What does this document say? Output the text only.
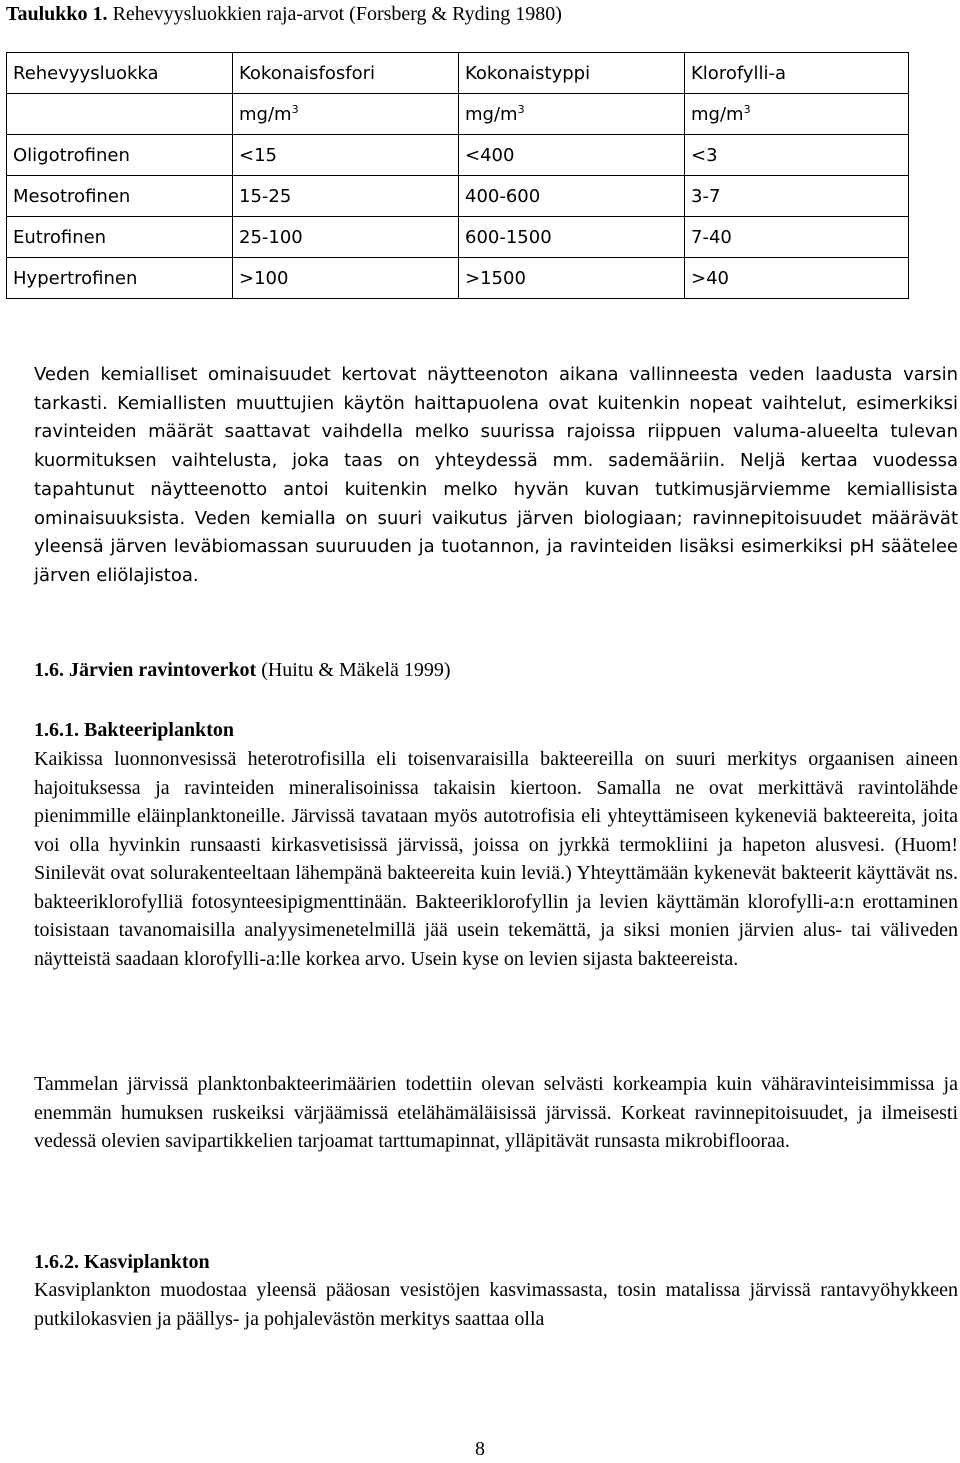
Taulukko 1. Rehevyysluokkien raja-arvot (Forsberg & Ryding 1980)
Rehevyysluokka	Kokonaisfosfori	Kokonaistyppi	Klorofylli-a
	$mg/m^3$	$mg/m^3$	$mg/m^3$
Oligotrofinen	<15	<400	<3
Mesotrofinen	15-25	400-600	3-7
Eutrofinen	25-100	600-1500	7-40
Hypertrofinen	>100	>1500	>40

Veden kemialliset ominaisuudet kertovat näytteenoton aikana vallinneesta veden laadusta varsin tarkasti. Kemiallisten muuttujien käytön haittapuolena ovat kuitenkin nopeat vaihtelut, esimerkiksi ravinteiden määrät saattavat vaihdella melko suurissa rajoissa riippuen valuma-alueelta tulevan kuormituksen vaihtelusta, joka taas on yhteydessä mm. sademääriin. Neljä kertaa vuodessa tapahtunut näytteenotto antoi kuitenkin melko hyvän kuvan tutkimusjärviemme kemiallisista ominaisuuksista. Veden kemialla on suuri vaikutus järven biologiaan; ravinnepitoisuudet määrävät yleensä järven leväbiomassan suuruuden ja tuotannon, ja ravinteiden lisäksi esimerkiksi pH säätelee järven eliölajistoa.

1.6. Järvien ravintoverkot (Huitu & Mäkelä 1999)

1.6.1. Bakteeriplankton

Kaikissa luonnonvesissä heterotrofisilla eli toisenvaraisilla bakteereilla on suuri merkitys orgaanisen aineen hajoituksessa ja ravinteiden mineralisoinissa takaisin kiertoon. Samalla ne ovat merkittävä ravintolähde pienimmille eläinplanktoneille. Järvissä tavataan myös autotrofisia eli yhteyttämiseen kykeneviä bakteereita, joita voi olla hyvinkin runsaasti kirkasvetisissä järvissä, joissa on jyrkkä termokliini ja hapeton alusvesi. (Huom! Sinilevät ovat solurakenteeltaan lähempänä bakteereita kuin leviä.) Yhteyttämään kykenevät bakteerit käyttävät ns. bakteeriklorofylliä fotosynteesipigmenttinään. Bakteeriklorofyllin ja levien käyttämän klorofylli-a:n erottaminen toisistaan tavanomaisilla analyysimenetelmillä jää usein tekemättä, ja siksi monien järvien alus- tai väliveden näytteistä saadaan klorofylli-a:lle korkea arvo. Usein kyse on levien sijasta bakteereista.

Tammelan järvissä planktonbakteerimäärien todettiin olevan selvästi korkeampia kuin vähäravinteisimmissa ja enemmän humuksen ruskeiksi värjäämissä etelähämäläisissä järvissä. Korkeat ravinnepitoisuudet, ja ilmeisesti vedessä olevien savipartikkelien tarjoamat tarttumapinnat, ylläpitävät runsasta mikrobiflooraa.

1.6.2. Kasviplankton

Kasviplankton muodostaa yleensä pääosan vesistöjen kasvimassasta, tosin matalissa järvissä rantavyöhykkeen putkilokasvien ja päällys- ja pohjalevästön merkitys saattaa olla

8
